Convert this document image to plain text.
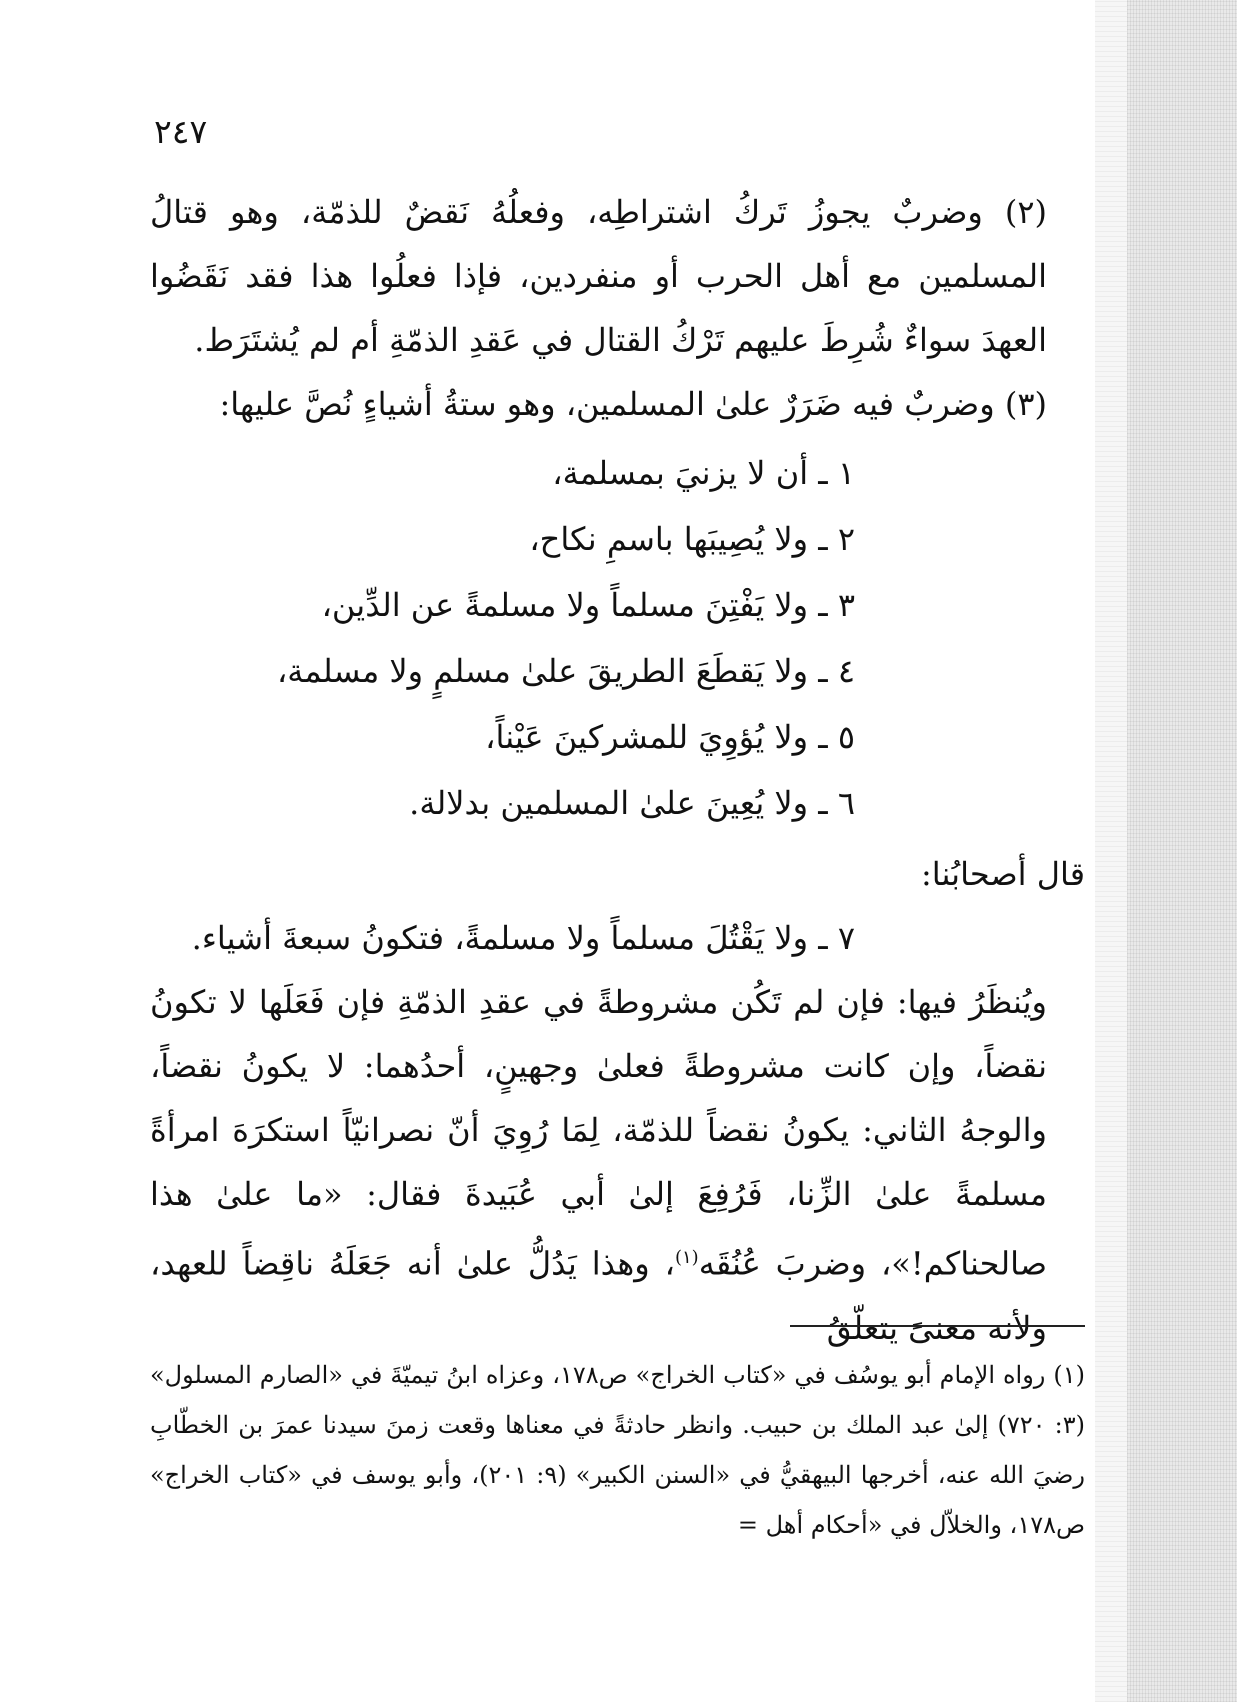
٢٤٧

(٢) وضربٌ يجوزُ تَركُ اشتراطِه، وفعلُهُ نَقضٌ للذمّة، وهو قتالُ المسلمين مع أهل الحرب أو منفردين، فإذا فعلُوا هذا فقد نَقَضُوا العهدَ سواءٌ شُرِطَ عليهم تَرْكُ القتال في عَقدِ الذمّةِ أم لم يُشتَرَط.

(٣) وضربٌ فيه ضَرَرٌ علىٰ المسلمين، وهو ستةُ أشياءٍ نُصَّ عليها:

١ ـ أن لا يزنيَ بمسلمة،
٢ ـ ولا يُصِيبَها باسمِ نكاح،
٣ ـ ولا يَفْتِنَ مسلماً ولا مسلمةً عن الدِّين،
٤ ـ ولا يَقطَعَ الطريقَ علىٰ مسلمٍ ولا مسلمة،
٥ ـ ولا يُؤوِيَ للمشركينَ عَيْناً،
٦ ـ ولا يُعِينَ علىٰ المسلمين بدلالة.

قال أصحابُنا:

٧ ـ ولا يَقْتُلَ مسلماً ولا مسلمةً، فتكونُ سبعةَ أشياء.

ويُنظَرُ فيها: فإن لم تَكُن مشروطةً في عقدِ الذمّةِ فإن فَعَلَها لا تكونُ نقضاً، وإن كانت مشروطةً فعلىٰ وجهينٍ، أحدُهما: لا يكونُ نقضاً، والوجهُ الثاني: يكونُ نقضاً للذمّة، لِمَا رُوِيَ أنّ نصرانيّاً استكرَهَ امرأةً مسلمةً علىٰ الزِّنا، فَرُفِعَ إلىٰ أبي عُبَيدةَ فقال: «ما علىٰ هذا صالحناكم!»، وضربَ عُنُقَه$^{(١)}$، وهذا يَدُلُّ علىٰ أنه جَعَلَهُ ناقِضاً للعهد، ولأنه معنىً يتعلّقُ

(١) رواه الإمام أبو يوسُف في «كتاب الخراج» ص١٧٨، وعزاه ابنُ تيميّةَ في «الصارم المسلول» (٣: ٧٢٠) إلىٰ عبد الملك بن حبيب. وانظر حادثةً في معناها وقعت زمنَ سيدنا عمرَ بن الخطّابِ رضيَ الله عنه، أخرجها البيهقيُّ في «السنن الكبير» (٩: ٢٠١)، وأبو يوسف في «كتاب الخراج» ص١٧٨، والخلاّل في «أحكام أهل =
